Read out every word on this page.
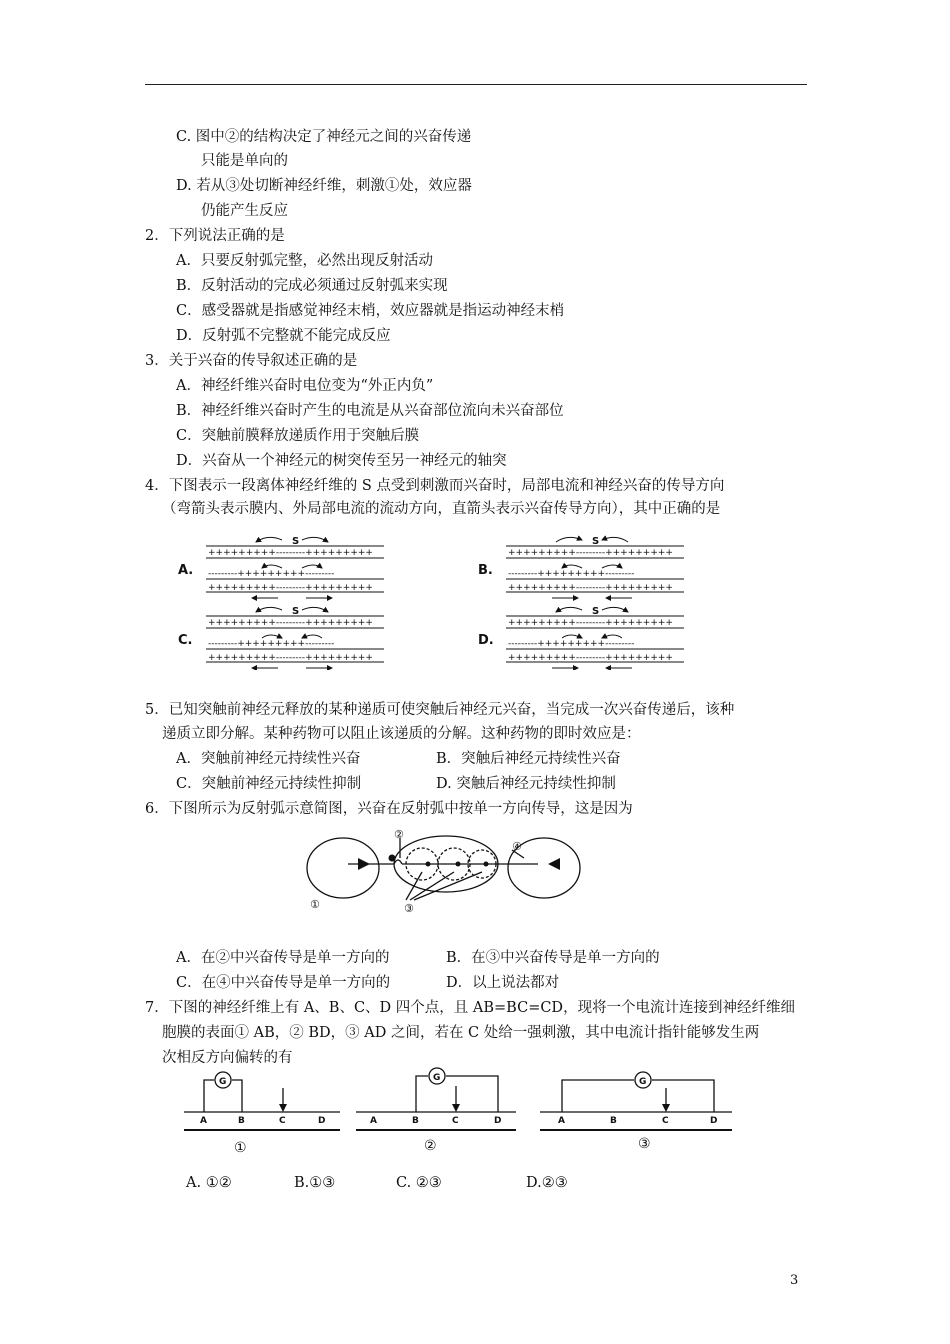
C. 图中②的结构决定了神经元之间的兴奋传递
只能是单向的
D. 若从③处切断神经纤维，刺激①处，效应器
仍能产生反应
2．下列说法正确的是
A．只要反射弧完整，必然出现反射活动
B．反射活动的完成必须通过反射弧来实现
C．感受器就是指感觉神经末梢，效应器就是指运动神经末梢
D．反射弧不完整就不能完成反应
3．关于兴奋的传导叙述正确的是
A．神经纤维兴奋时电位变为“外正内负”
B．神经纤维兴奋时产生的电流是从兴奋部位流向未兴奋部位
C．突触前膜释放递质作用于突触后膜
D．兴奋从一个神经元的树突传至另一神经元的轴突
4．下图表示一段离体神经纤维的 S 点受到刺激而兴奋时，局部电流和神经兴奋的传导方向
（弯箭头表示膜内、外局部电流的流动方向，直箭头表示兴奋传导方向），其中正确的是
A.
S
+++++++++---------+++++++++
---------+++++++++---------
+++++++++---------+++++++++
B.
S
+++++++++---------+++++++++
---------+++++++++---------
+++++++++---------+++++++++
C.
S
+++++++++---------+++++++++
---------+++++++++---------
+++++++++---------+++++++++
D.
S
+++++++++---------+++++++++
---------+++++++++---------
+++++++++---------+++++++++
5．已知突触前神经元释放的某种递质可使突触后神经元兴奋，当完成一次兴奋传递后，该种
递质立即分解。某种药物可以阻止该递质的分解。这种药物的即时效应是：
A．突触前神经元持续性兴奋	B．突触后神经元持续性兴奋
C．突触前神经元持续性抑制	D. 突触后神经元持续性抑制
6．下图所示为反射弧示意简图，兴奋在反射弧中按单一方向传导，这是因为
①
②
③
④
A．在②中兴奋传导是单一方向的	B．在③中兴奋传导是单一方向的
C．在④中兴奋传导是单一方向的	D．以上说法都对
7．下图的神经纤维上有 A、B、C、D 四个点，且 AB=BC=CD，现将一个电流计连接到神经纤维细
胞膜的表面① AB，② BD，③ AD 之间，若在 C 处给一强刺激，其中电流计指针能够发生两
次相反方向偏转的有
G	G	G
A	B	C	D	A	B	C	D	A	B	C	D
①	②	③
A. ①②	B.①③	C. ②③	D.②③
3
